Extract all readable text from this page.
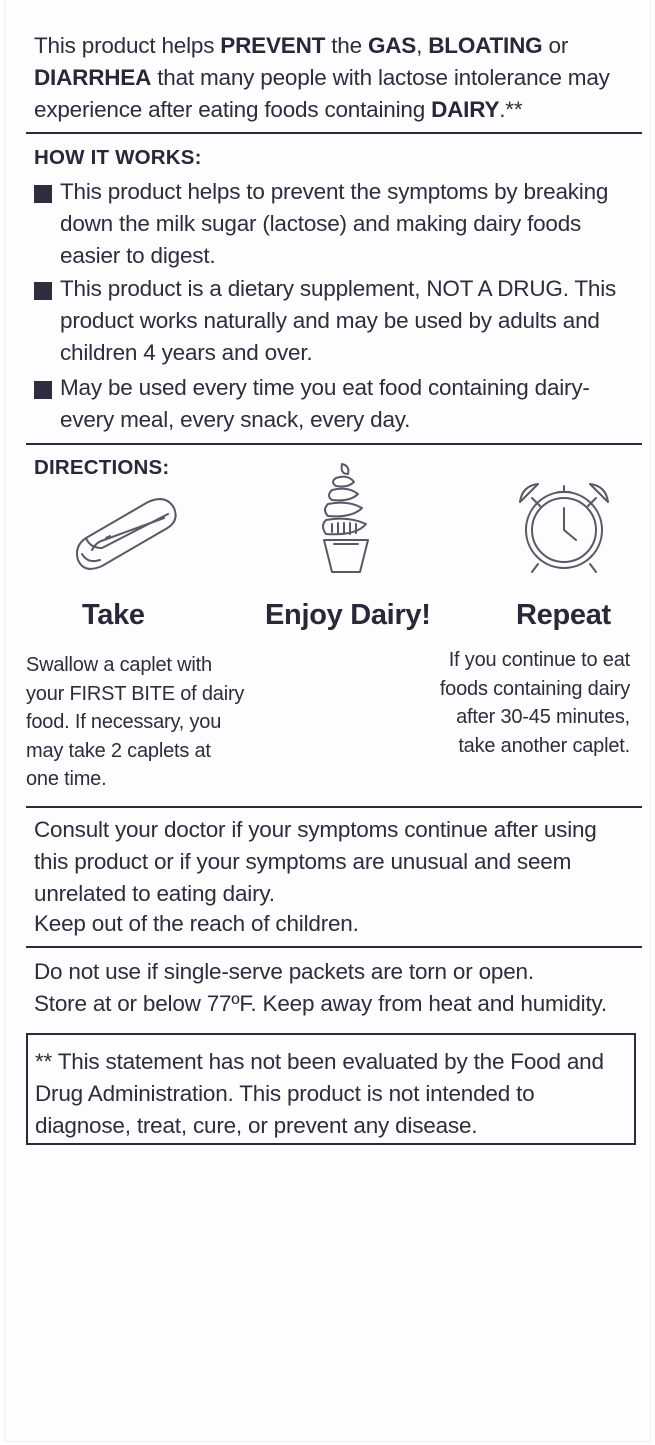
This product helps PREVENT the GAS, BLOATING or DIARRHEA that many people with lactose intolerance may experience after eating foods containing DAIRY.**
HOW IT WORKS:
This product helps to prevent the symptoms by breaking down the milk sugar (lactose) and making dairy foods easier to digest.
This product is a dietary supplement, NOT A DRUG. This product works naturally and may be used by adults and children 4 years and over.
May be used every time you eat food containing dairy- every meal, every snack, every day.
DIRECTIONS:
Take	Enjoy Dairy!	Repeat
Swallow a caplet with your FIRST BITE of dairy food. If necessary, you may take 2 caplets at one time.
If you continue to eat foods containing dairy after 30-45 minutes, take another caplet.
Consult your doctor if your symptoms continue after using this product or if your symptoms are unusual and seem unrelated to eating dairy.
Keep out of the reach of children.
Do not use if single-serve packets are torn or open.
Store at or below 77ºF. Keep away from heat and humidity.
** This statement has not been evaluated by the Food and Drug Administration. This product is not intended to diagnose, treat, cure, or prevent any disease.
